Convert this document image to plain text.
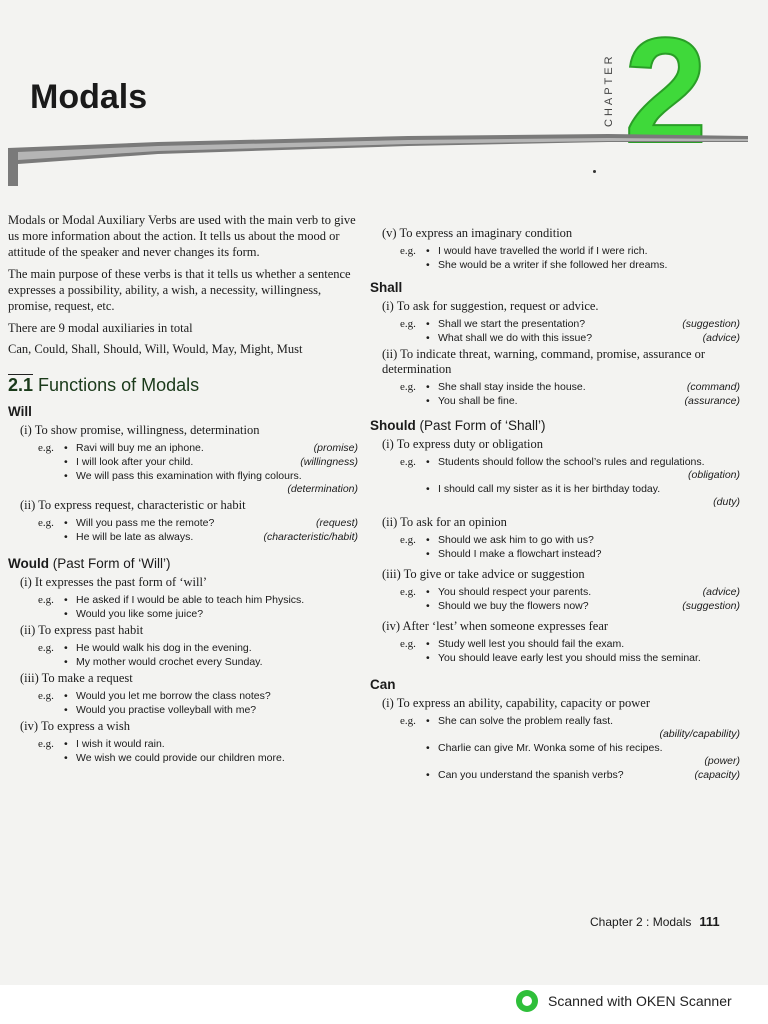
CHAPTER 2
Modals

Modals or Modal Auxiliary Verbs are used with the main verb to give us more information about the action. It tells us about the mood or attitude of the speaker and never changes its form.

The main purpose of these verbs is that it tells us whether a sentence expresses a possibility, ability, a wish, a necessity, willingness, promise, request, etc.

There are 9 modal auxiliaries in total

Can, Could, Shall, Should, Will, Would, May, Might, Must
2.1 Functions of Modals
Will
(i) To show promise, willingness, determination
e.g. • Ravi will buy me an iphone.	(promise)
• I will look after your child.	(willingness)
• We will pass this examination with flying colours.
(determination)
(ii) To express request, characteristic or habit
e.g. • Will you pass me the remote?	(request)
• He will be late as always.	(characteristic/habit)
Would (Past Form of ‘Will’)
(i) It expresses the past form of ‘will’
e.g. • He asked if I would be able to teach him Physics.
• Would you like some juice?
(ii) To express past habit
e.g. • He would walk his dog in the evening.
• My mother would crochet every Sunday.
(iii) To make a request
e.g. • Would you let me borrow the class notes?
• Would you practise volleyball with me?
(iv) To express a wish
e.g. • I wish it would rain.
• We wish we could provide our children more.
(v) To express an imaginary condition
e.g. • I would have travelled the world if I were rich.
• She would be a writer if she followed her dreams.
Shall
(i) To ask for suggestion, request or advice.
e.g. • Shall we start the presentation?	(suggestion)
• What shall we do with this issue?	(advice)
(ii) To indicate threat, warning, command, promise, assurance or determination
e.g. • She shall stay inside the house.	(command)
• You shall be fine.	(assurance)
Should (Past Form of ‘Shall’)
(i) To express duty or obligation
e.g. • Students should follow the school’s rules and regulations.
(obligation)
• I should call my sister as it is her birthday today.
(duty)
(ii) To ask for an opinion
e.g. • Should we ask him to go with us?
• Should I make a flowchart instead?
(iii) To give or take advice or suggestion
e.g. • You should respect your parents.	(advice)
• Should we buy the flowers now?	(suggestion)
(iv) After ‘lest’ when someone expresses fear
e.g. • Study well lest you should fail the exam.
• You should leave early lest you should miss the seminar.
Can
(i) To express an ability, capability, capacity or power
e.g. • She can solve the problem really fast.
(ability/capability)
• Charlie can give Mr. Wonka some of his recipes.
(power)
• Can you understand the spanish verbs?	(capacity)
Chapter 2 : Modals 111
Scanned with OKEN Scanner
